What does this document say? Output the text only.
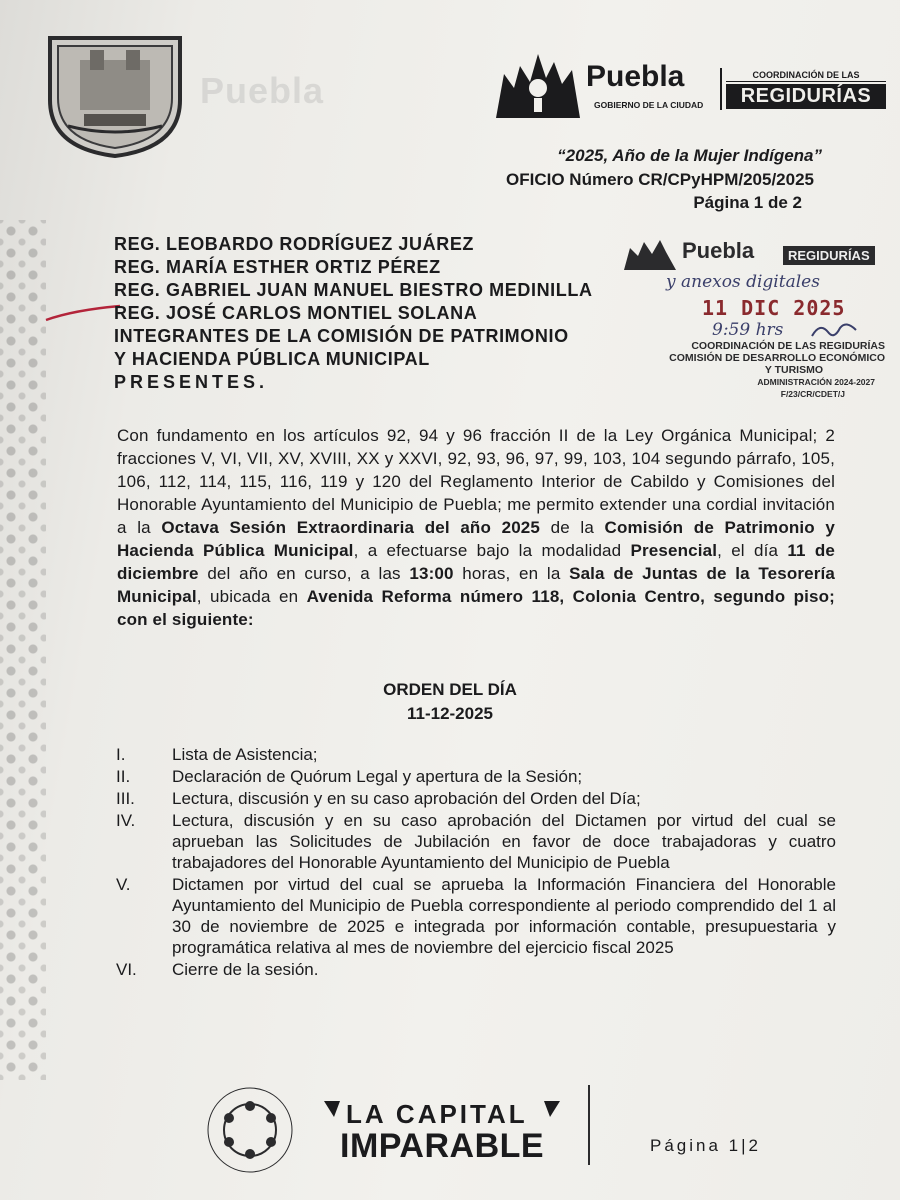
Puebla	Puebla
GOBIERNO DE LA CIUDAD
COORDINACIÓN DE LAS
REGIDURÍAS
“2025, Año de la Mujer Indígena”
OFICIO Número CR/CPyHPM/205/2025
Página 1 de 2
REG. LEOBARDO RODRÍGUEZ JUÁREZ
REG. MARÍA ESTHER ORTIZ PÉREZ
REG. GABRIEL JUAN MANUEL BIESTRO MEDINILLA
REG. JOSÉ CARLOS MONTIEL SOLANA
INTEGRANTES DE LA COMISIÓN DE PATRIMONIO
Y HACIENDA PÚBLICA MUNICIPAL
PRESENTES.
Puebla	REGIDURÍAS
y anexos digitales
11 DIC 2025
9:59 hrs
COORDINACIÓN DE LAS REGIDURÍAS
COMISIÓN DE DESARROLLO ECONÓMICO
Y TURISMO
ADMINISTRACIÓN 2024-2027
F/23/CR/CDET/J
Con fundamento en los artículos 92, 94 y 96 fracción II de la Ley Orgánica Municipal; 2 fracciones V, VI, VII, XV, XVIII, XX y XXVI, 92, 93, 96, 97, 99, 103, 104 segundo párrafo, 105, 106, 112, 114, 115, 116, 119 y 120 del Reglamento Interior de Cabildo y Comisiones del Honorable Ayuntamiento del Municipio de Puebla; me permito extender una cordial invitación a la Octava Sesión Extraordinaria del año 2025 de la Comisión de Patrimonio y Hacienda Pública Municipal, a efectuarse bajo la modalidad Presencial, el día 11 de diciembre del año en curso, a las 13:00 horas, en la Sala de Juntas de la Tesorería Municipal, ubicada en Avenida Reforma número 118, Colonia Centro, segundo piso; con el siguiente:
ORDEN DEL DÍA
11-12-2025
I.	Lista de Asistencia;
II.	Declaración de Quórum Legal y apertura de la Sesión;
III.	Lectura, discusión y en su caso aprobación del Orden del Día;
IV.	Lectura, discusión y en su caso aprobación del Dictamen por virtud del cual se aprueban las Solicitudes de Jubilación en favor de doce trabajadoras y cuatro trabajadores del Honorable Ayuntamiento del Municipio de Puebla
V.	Dictamen por virtud del cual se aprueba la Información Financiera del Honorable Ayuntamiento del Municipio de Puebla correspondiente al periodo comprendido del 1 al 30 de noviembre de 2025 e integrada por información contable, presupuestaria y programática relativa al mes de noviembre del ejercicio fiscal 2025
VI.	Cierre de la sesión.
LA CAPITAL
IMPARABLE	Página 1|2
